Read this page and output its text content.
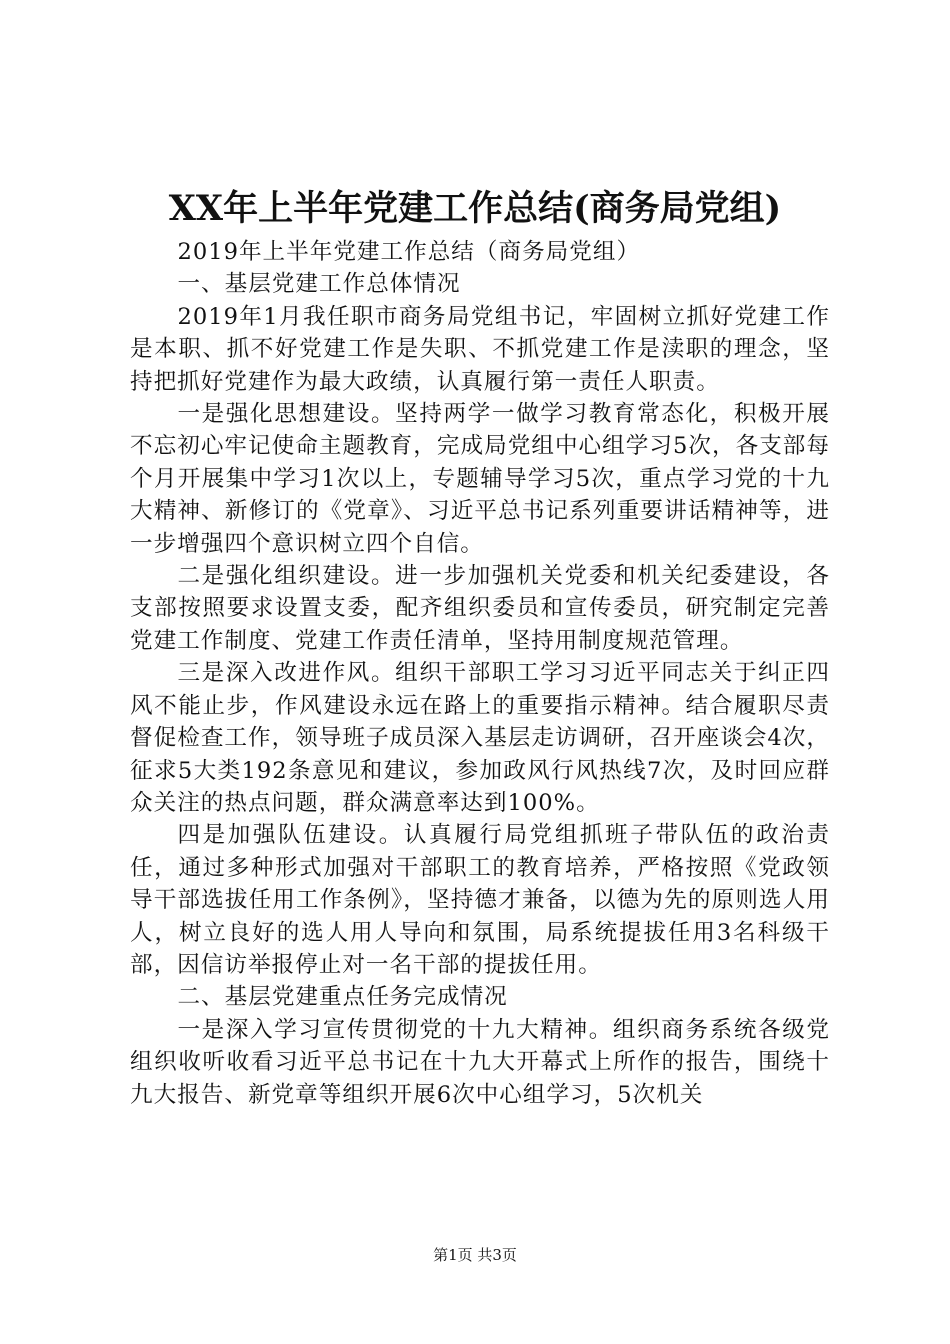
XX年上半年党建工作总结(商务局党组)

2019年上半年党建工作总结（商务局党组）

一、基层党建工作总体情况

2019年1月我任职市商务局党组书记，牢固树立抓好党建工作是本职、抓不好党建工作是失职、不抓党建工作是渎职的理念，坚持把抓好党建作为最大政绩，认真履行第一责任人职责。

一是强化思想建设。坚持两学一做学习教育常态化，积极开展不忘初心牢记使命主题教育，完成局党组中心组学习5次，各支部每个月开展集中学习1次以上，专题辅导学习5次，重点学习党的十九大精神、新修订的《党章》、习近平总书记系列重要讲话精神等，进一步增强四个意识树立四个自信。

二是强化组织建设。进一步加强机关党委和机关纪委建设，各支部按照要求设置支委，配齐组织委员和宣传委员，研究制定完善党建工作制度、党建工作责任清单，坚持用制度规范管理。

三是深入改进作风。组织干部职工学习习近平同志关于纠正四风不能止步，作风建设永远在路上的重要指示精神。结合履职尽责督促检查工作，领导班子成员深入基层走访调研，召开座谈会4次，征求5大类192条意见和建议，参加政风行风热线7次，及时回应群众关注的热点问题，群众满意率达到100%。

四是加强队伍建设。认真履行局党组抓班子带队伍的政治责任，通过多种形式加强对干部职工的教育培养，严格按照《党政领导干部选拔任用工作条例》，坚持德才兼备，以德为先的原则选人用人，树立良好的选人用人导向和氛围，局系统提拔任用3名科级干部，因信访举报停止对一名干部的提拔任用。

二、基层党建重点任务完成情况

一是深入学习宣传贯彻党的十九大精神。组织商务系统各级党组织收听收看习近平总书记在十九大开幕式上所作的报告，围绕十九大报告、新党章等组织开展6次中心组学习，5次机关

第1页 共3页
